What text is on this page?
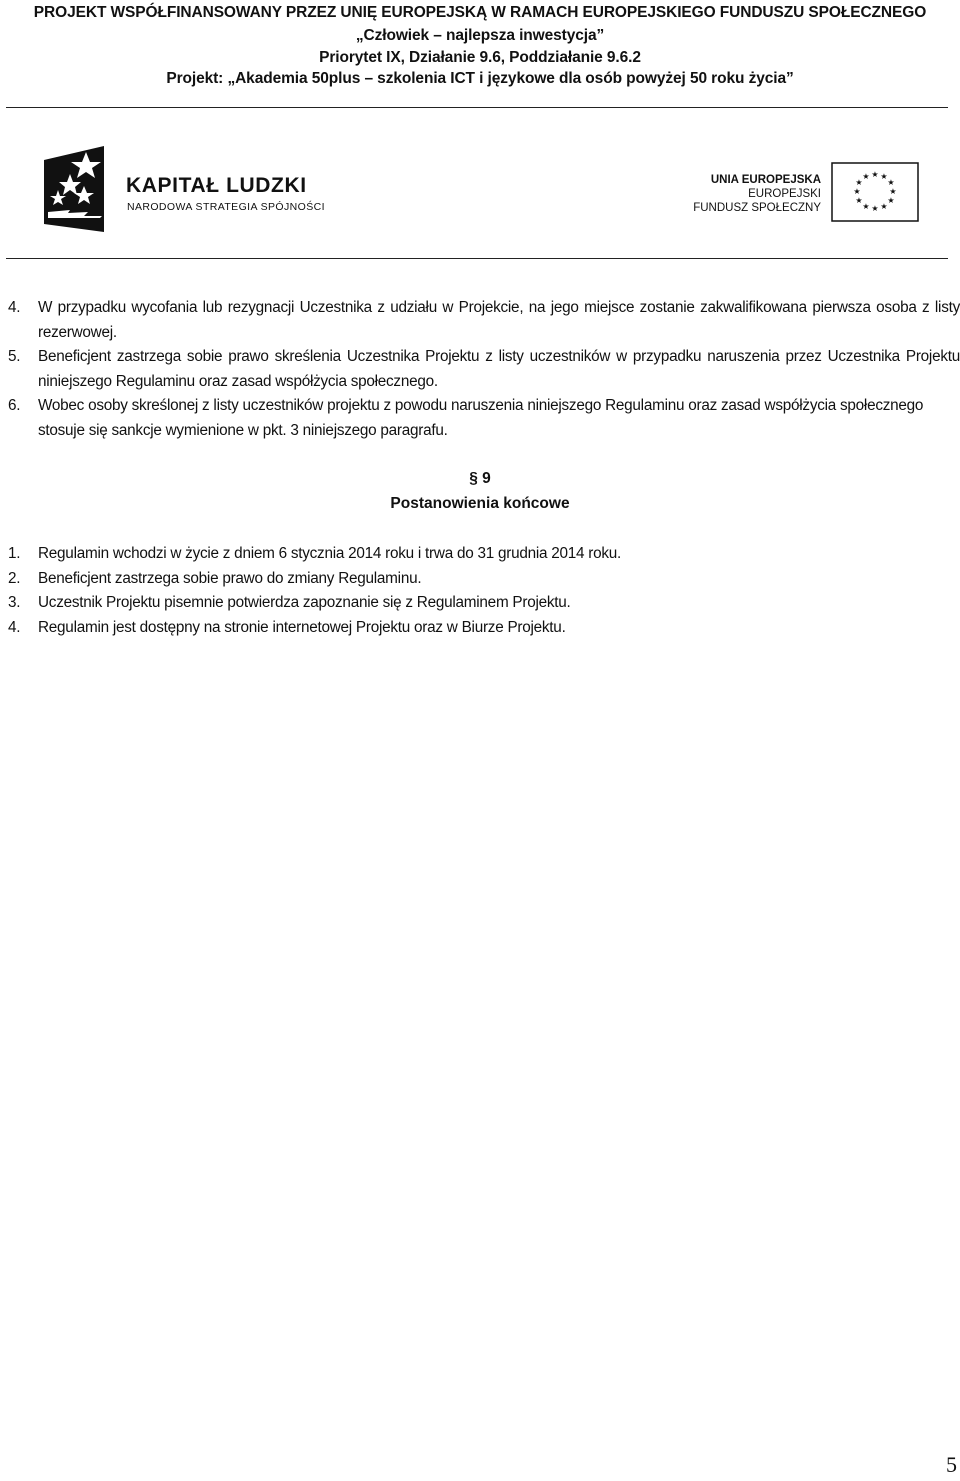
PROJEKT WSPÓŁFINANSOWANY PRZEZ UNIĘ EUROPEJSKĄ W RAMACH EUROPEJSKIEGO FUNDUSZU SPOŁECZNEGO
„Człowiek – najlepsza inwestycja”
Priorytet IX, Działanie 9.6, Poddziałanie 9.6.2
Projekt: „Akademia 50plus – szkolenia ICT i językowe dla osób powyżej 50 roku życia”
KAPITAŁ LUDZKI
NARODOWA STRATEGIA SPÓJNOŚCI
UNIA EUROPEJSKA
EUROPEJSKI
FUNDUSZ SPOŁECZNY
★ ★
★
★
★
★
★
★
★
★
★
★
4. W przypadku wycofania lub rezygnacji Uczestnika z udziału w Projekcie, na jego miejsce zostanie zakwalifikowana pierwsza osoba z listy rezerwowej.
5. Beneficjent zastrzega sobie prawo skreślenia Uczestnika Projektu z listy uczestników w przypadku naruszenia przez Uczestnika Projektu niniejszego Regulaminu oraz zasad współżycia społecznego.
6. Wobec osoby skreślonej z listy uczestników projektu z powodu naruszenia niniejszego Regulaminu oraz zasad współżycia społecznego stosuje się sankcje wymienione w pkt. 3 niniejszego paragrafu.
§ 9
Postanowienia końcowe
1. Regulamin wchodzi w życie z dniem 6 stycznia 2014 roku i trwa do 31 grudnia 2014 roku.
2. Beneficjent zastrzega sobie prawo do zmiany Regulaminu.
3. Uczestnik Projektu pisemnie potwierdza zapoznanie się z Regulaminem Projektu.
4. Regulamin jest dostępny na stronie internetowej Projektu oraz w Biurze Projektu.
5
